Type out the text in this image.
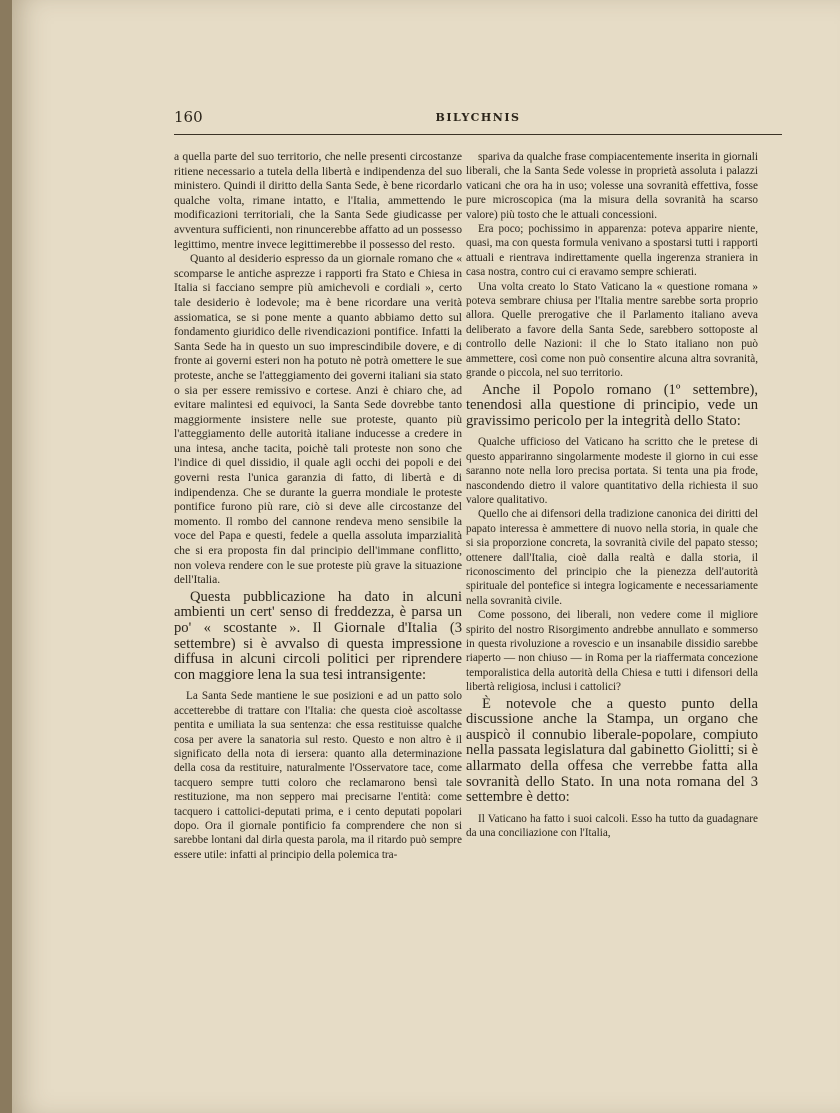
160	BILYCHNIS

a quella parte del suo territorio, che nelle presenti circostanze ritiene necessario a tutela della libertà e indipendenza del suo ministero. Quindi il diritto della Santa Sede, è bene ricordarlo qualche volta, rimane intatto, e l'Italia, ammettendo le modificazioni territoriali, che la Santa Sede giudicasse per avventura sufficienti, non rinuncerebbe affatto ad un possesso legittimo, mentre invece legittimerebbe il possesso del resto.

Quanto al desiderio espresso da un giornale romano che « scomparse le antiche asprezze i rapporti fra Stato e Chiesa in Italia si facciano sempre più amichevoli e cordiali », certo tale desiderio è lodevole; ma è bene ricordare una verità assiomatica, se si pone mente a quanto abbiamo detto sul fondamento giuridico delle rivendicazioni pontifice. Infatti la Santa Sede ha in questo un suo imprescindibile dovere, e di fronte ai governi esteri non ha potuto nè potrà omettere le sue proteste, anche se l'atteggiamento dei governi italiani sia stato o sia per essere remissivo e cortese. Anzi è chiaro che, ad evitare malintesi ed equivoci, la Santa Sede dovrebbe tanto maggiormente insistere nelle sue proteste, quanto più l'atteggiamento delle autorità italiane inducesse a credere in una intesa, anche tacita, poichè tali proteste non sono che l'indice di quel dissidio, il quale agli occhi dei popoli e dei governi resta l'unica garanzia di fatto, di libertà e di indipendenza. Che se durante la guerra mondiale le proteste pontifice furono più rare, ciò si deve alle circostanze del momento. Il rombo del cannone rendeva meno sensibile la voce del Papa e questi, fedele a quella assoluta imparzialità che si era proposta fin dal principio dell'immane conflitto, non voleva rendere con le sue proteste più grave la situazione dell'Italia.

Questa pubblicazione ha dato in alcuni ambienti un cert' senso di freddezza, è parsa un po' « scostante ». Il Giornale d'Italia (3 settembre) si è avvalso di questa impressione diffusa in alcuni circoli politici per riprendere con maggiore lena la sua tesi intransigente:

La Santa Sede mantiene le sue posizioni e ad un patto solo accetterebbe di trattare con l'Italia: che questa cioè ascoltasse pentita e umiliata la sua sentenza: che essa restituisse qualche cosa per avere la sanatoria sul resto. Questo e non altro è il significato della nota di iersera: quanto alla determinazione della cosa da restituire, naturalmente l'Osservatore tace, come tacquero sempre tutti coloro che reclamarono bensì tale restituzione, ma non seppero mai precisarne l'entità: come tacquero i cattolici-deputati prima, e i cento deputati popolari dopo. Ora il giornale pontificio fa comprendere che non si sarebbe lontani dal dirla questa parola, ma il ritardo può sempre essere utile: infatti al principio della polemica tra-

spariva da qualche frase compiacentemente inserita in giornali liberali, che la Santa Sede volesse in proprietà assoluta i palazzi vaticani che ora ha in uso; volesse una sovranità effettiva, fosse pure microscopica (ma la misura della sovranità ha scarso valore) più tosto che le attuali concessioni.

Era poco; pochissimo in apparenza: poteva apparire niente, quasi, ma con questa formula venivano a spostarsi tutti i rapporti attuali e rientrava indirettamente quella ingerenza straniera in casa nostra, contro cui ci eravamo sempre schierati.

Una volta creato lo Stato Vaticano la « questione romana » poteva sembrare chiusa per l'Italia mentre sarebbe sorta proprio allora. Quelle prerogative che il Parlamento italiano aveva deliberato a favore della Santa Sede, sarebbero sottoposte al controllo delle Nazioni: il che lo Stato italiano non può ammettere, così come non può consentire alcuna altra sovranità, grande o piccola, nel suo territorio.

Anche il Popolo romano (1º settembre), tenendosi alla questione di principio, vede un gravissimo pericolo per la integrità dello Stato:

Qualche ufficioso del Vaticano ha scritto che le pretese di questo appariranno singolarmente modeste il giorno in cui esse saranno note nella loro precisa portata. Si tenta una pia frode, nascondendo dietro il valore quantitativo della richiesta il suo valore qualitativo.

Quello che ai difensori della tradizione canonica dei diritti del papato interessa è ammettere di nuovo nella storia, in quale che si sia proporzione concreta, la sovranità civile del papato stesso; ottenere dall'Italia, cioè dalla realtà e dalla storia, il riconoscimento del principio che la pienezza dell'autorità spirituale del pontefice si integra logicamente e necessariamente nella sovranità civile.

Come possono, dei liberali, non vedere come il migliore spirito del nostro Risorgimento andrebbe annullato e sommerso in questa rivoluzione a rovescio e un insanabile dissidio sarebbe riaperto — non chiuso — in Roma per la riaffermata concezione temporalistica della autorità della Chiesa e tutti i difensori della libertà religiosa, inclusi i cattolici?

È notevole che a questo punto della discussione anche la Stampa, un organo che auspicò il connubio liberale-popolare, compiuto nella passata legislatura dal gabinetto Giolitti; si è allarmato della offesa che verrebbe fatta alla sovranità dello Stato. In una nota romana del 3 settembre è detto:

Il Vaticano ha fatto i suoi calcoli. Esso ha tutto da guadagnare da una conciliazione con l'Italia,
